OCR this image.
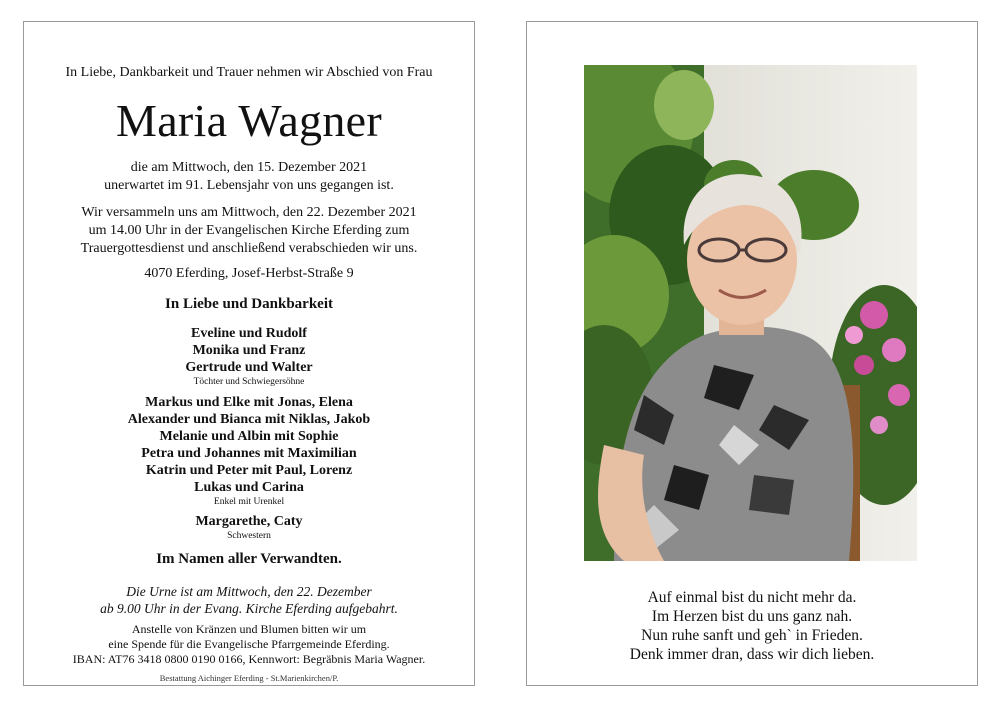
In Liebe, Dankbarkeit und Trauer nehmen wir Abschied von Frau
Maria Wagner
die am Mittwoch, den 15. Dezember 2021
unerwartet im 91. Lebensjahr von uns gegangen ist.
Wir versammeln uns am Mittwoch, den 22. Dezember 2021
um 14.00 Uhr in der Evangelischen Kirche Eferding zum
Trauergottesdienst und anschließend verabschieden wir uns.
4070 Eferding, Josef-Herbst-Straße 9
In Liebe und Dankbarkeit
Eveline und Rudolf
Monika und Franz
Gertrude und Walter
Töchter und Schwiegersöhne
Markus und Elke mit Jonas, Elena
Alexander und Bianca mit Niklas, Jakob
Melanie und Albin mit Sophie
Petra und Johannes mit Maximilian
Katrin und Peter mit Paul, Lorenz
Lukas und Carina
Enkel mit Urenkel
Margarethe, Caty
Schwestern
Im Namen aller Verwandten.
Die Urne ist am Mittwoch, den 22. Dezember
ab 9.00 Uhr in der Evang. Kirche Eferding aufgebahrt.
Anstelle von Kränzen und Blumen bitten wir um
eine Spende für die Evangelische Pfarrgemeinde Eferding.
IBAN: AT76 3418 0800 0190 0166, Kennwort: Begräbnis Maria Wagner.
Bestattung Aichinger Eferding - St.Marienkirchen/P.
Auf einmal bist du nicht mehr da.
Im Herzen bist du uns ganz nah.
Nun ruhe sanft und geh` in Frieden.
Denk immer dran, dass wir dich lieben.
